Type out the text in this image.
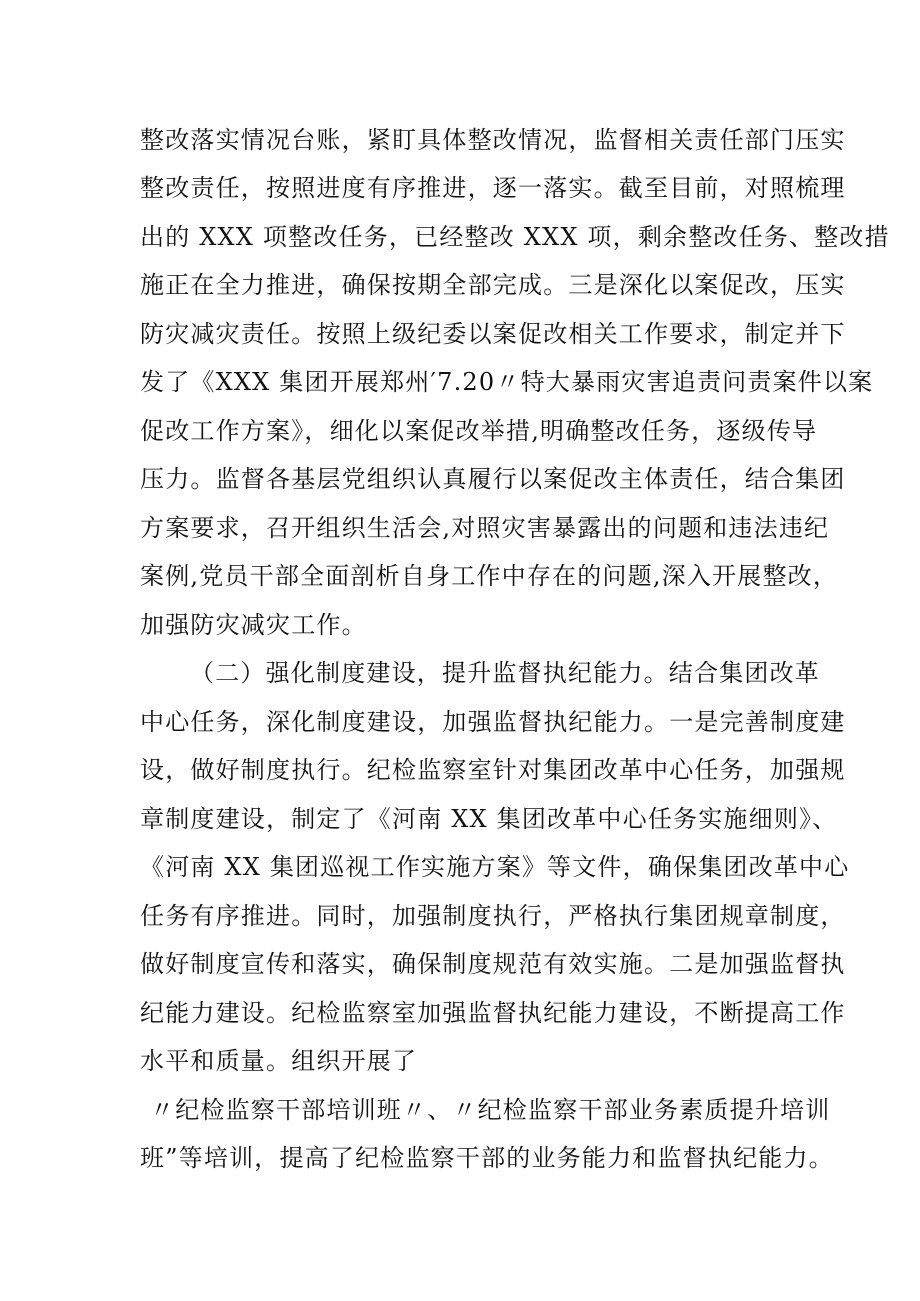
整改落实情况台账，紧盯具体整改情况，监督相关责任部门压实
整改责任，按照进度有序推进，逐一落实。截至目前，对照梳理
出的 XXX 项整改任务，已经整改 XXX 项，剩余整改任务、整改措
施正在全力推进，确保按期全部完成。三是深化以案促改，压实
防灾减灾责任。按照上级纪委以案促改相关工作要求，制定并下
发了《XXX 集团开展郑州′7.20〃特大暴雨灾害追责问责案件以案
促改工作方案》，细化以案促改举措,明确整改任务，逐级传导
压力。监督各基层党组织认真履行以案促改主体责任，结合集团
方案要求，召开组织生活会,对照灾害暴露出的问题和违法违纪
案例,党员干部全面剖析自身工作中存在的问题,深入开展整改，
加强防灾减灾工作。
（二）强化制度建设，提升监督执纪能力。结合集团改革
中心任务，深化制度建设，加强监督执纪能力。一是完善制度建
设，做好制度执行。纪检监察室针对集团改革中心任务，加强规
章制度建设，制定了《河南 XX 集团改革中心任务实施细则》、
《河南 XX 集团巡视工作实施方案》等文件，确保集团改革中心
任务有序推进。同时，加强制度执行，严格执行集团规章制度，
做好制度宣传和落实，确保制度规范有效实施。二是加强监督执
纪能力建设。纪检监察室加强监督执纪能力建设，不断提高工作
水平和质量。组织开展了
〃纪检监察干部培训班〃、〃纪检监察干部业务素质提升培训
班”等培训，提高了纪检监察干部的业务能力和监督执纪能力。
